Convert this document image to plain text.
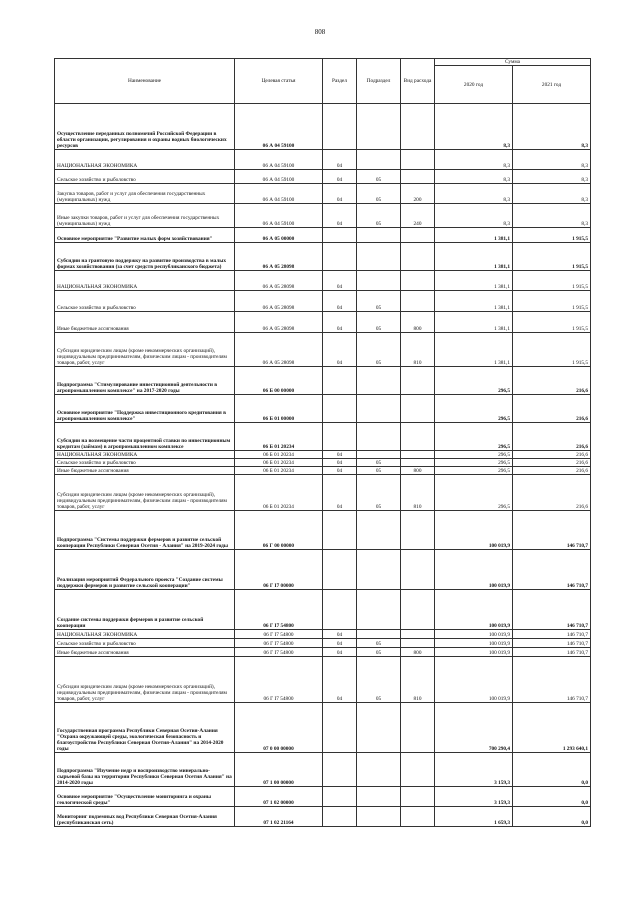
808
Наименование	Целевая статья	Раздел	Подраздел	Вид расхода	Сумма	
					2020 год	2021 год
Осуществление переданных полномочий Российской Федерации в области организации, регулирования и охраны водных биологических ресурсов	06 А 04 59100				8,3	8,3
НАЦИОНАЛЬНАЯ ЭКОНОМИКА	06 А 04 59100	04			8,3	8,3
Сельское хозяйство и рыболовство	06 А 04 59100	04	05		8,3	8,3
Закупка товаров, работ и услуг для обеспечения государственных (муниципальных) нужд	06 А 04 59100	04	05	200	8,3	8,3
Иные закупки товаров, работ и услуг для обеспечения государственных (муниципальных) нужд	06 А 04 59100	04	05	240	8,3	8,3
Основное мероприятие "Развитие малых форм хозяйствования"	06 А 05 00000				1 381,1	1 915,5
Субсидии на грантовую поддержку на развитие производства в малых формах хозяйствования (за счет средств республиканского бюджета)	06 А 05 28098				1 381,1	1 915,5
НАЦИОНАЛЬНАЯ ЭКОНОМИКА	06 А 05 28098	04			1 381,1	1 915,5
Сельское хозяйство и рыболовство	06 А 05 28098	04	05		1 381,1	1 915,5
Иные бюджетные ассигнования	06 А 05 28098	04	05	800	1 381,1	1 915,5
Субсидии юридическим лицам (кроме некоммерческих организаций), индивидуальным предпринимателям, физическим лицам - производителям товаров, работ, услуг	06 А 05 28098	04	05	810	1 381,1	1 915,5
Подпрограмма "Стимулирование инвестиционной деятельности в агропромышленном комплексе" на 2017-2020 годы	06 Б 00 00000				296,5	216,6
Основное мероприятие "Поддержка инвестиционного кредитования в агропромышленном комплексе"	06 Б 01 00000				296,5	216,6
Субсидии на возмещение части процентной ставки по инвестиционным кредитам (займам) в агропромышленном комплексе	06 Б 01 20234				296,5	216,6
НАЦИОНАЛЬНАЯ ЭКОНОМИКА	06 Б 01 20234	04			296,5	216,6
Сельское хозяйство и рыболовство	06 Б 01 20234	04	05		296,5	216,6
Иные бюджетные ассигнования	06 Б 01 20234	04	05	800	296,5	216,6
Субсидии юридическим лицам (кроме некоммерческих организаций), индивидуальным предпринимателям, физическим лицам - производителям товаров, работ, услуг	06 Б 01 20234	04	05	810	296,5	216,6
Подпрограмма "Системы поддержки фермеров и развитие сельской кооперации Республики Северная Осетия - Алания" на 2019-2024 годы	06 Г 00 00000				100 019,9	146 710,7
Реализация мероприятий Федерального проекта "Создание системы поддержки фермеров и развитие сельской кооперации"	06 Г I7 00000				100 019,9	146 710,7
Создание системы поддержки фермеров и развитие сельской кооперации	06 Г I7 54800				100 019,9	146 710,7
НАЦИОНАЛЬНАЯ ЭКОНОМИКА	06 Г I7 54800	04			100 019,9	146 710,7
Сельское хозяйство и рыболовство	06 Г I7 54800	04	05		100 019,9	146 710,7
Иные бюджетные ассигнования	06 Г I7 54800	04	05	800	100 019,9	146 710,7
Субсидии юридическим лицам (кроме некоммерческих организаций), индивидуальным предпринимателям, физическим лицам - производителям товаров, работ, услуг	06 Г I7 54800	04	05	810	100 019,9	146 710,7
Государственная программа Республики Северная Осетия-Алания "Охрана окружающей среды, экологическая безопасность и благоустройство Республики Северная Осетия-Алания" на 2014-2020 годы	07 0 00 00000				700 290,4	1 293 640,1
Подпрограмма "Изучение недр и воспроизводство минерально-сырьевой базы на территории Республики Северная Осетия Алания" на 2014-2020 годы	07 1 00 00000				3 159,3	0,0
Основное мероприятие "Осуществление мониторинга и охраны геологической среды"	07 1 02 00000				3 159,3	0,0
Мониторинг подземных вод Республики Северная Осетия-Алания (республиканская сеть)	07 1 02 21164				1 659,3	0,0
